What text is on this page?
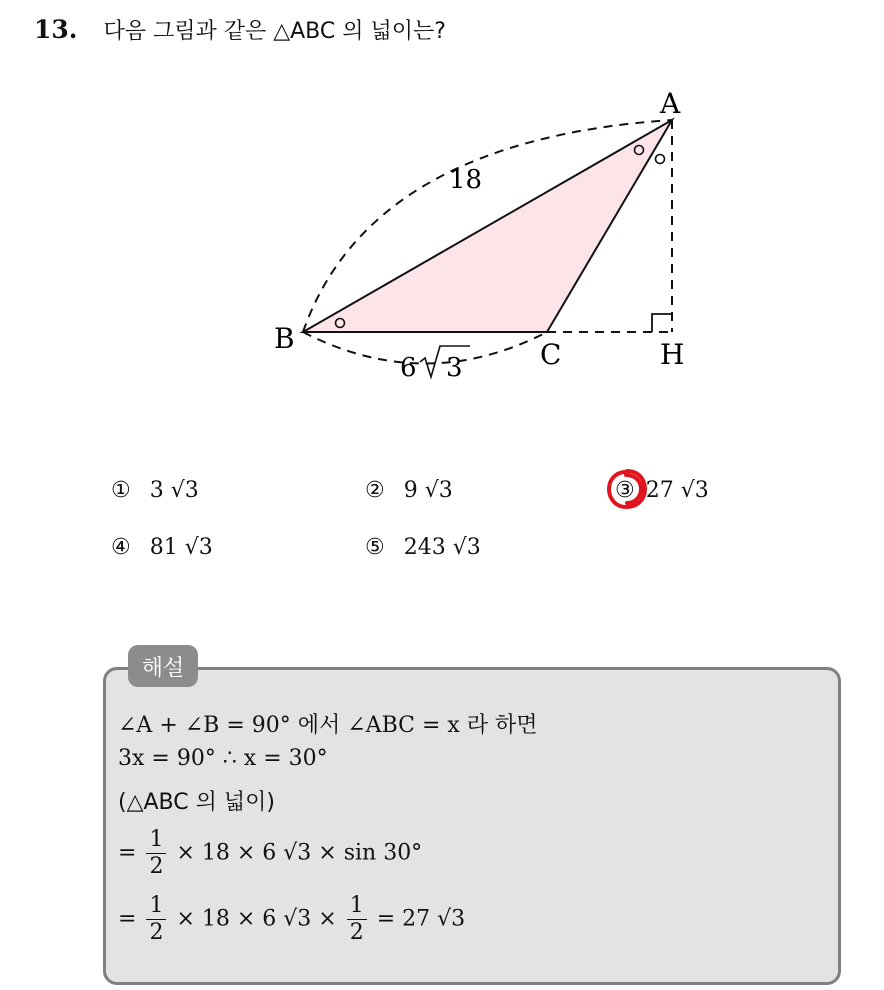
13. 다음 그림과 같은 △ABC 의 넓이는?
A
B	C	H
18
6 3
① 3 √3	② 9 √3	③ 27 √3
④ 81 √3	⑤ 243 √3
해설
∠A + ∠B = 90° 에서 ∠ABC = x 라 하면
3x = 90° ∴ x = 30°
(△ABC 의 넓이)
= $\frac{1}{2} \times 18 \times 6$ √3 × sin 30°
= $\frac{1}{2} \times 18 \times 6$ $√3 \times \frac{1}{2} = 27$ √3
